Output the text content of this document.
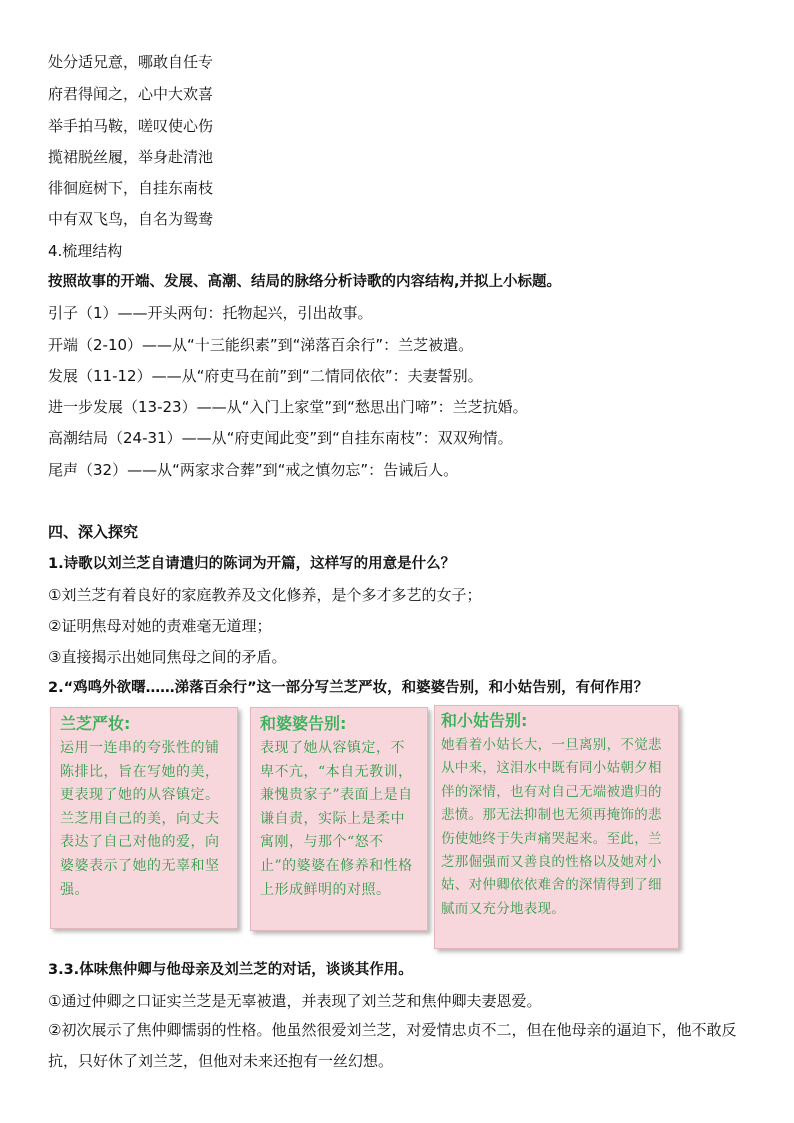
处分适兄意，哪敢自任专
府君得闻之，心中大欢喜
举手拍马鞍，嗟叹使心伤
揽裙脱丝履，举身赴清池
徘徊庭树下，自挂东南枝
中有双飞鸟，自名为鸳鸯
4.梳理结构
按照故事的开端、发展、高潮、结局的脉络分析诗歌的内容结构,并拟上小标题。
引子（1）——开头两句：托物起兴，引出故事。
开端（2-10）——从“十三能织素”到“涕落百余行”：兰芝被遣。
发展（11-12）——从“府吏马在前”到“二情同依依”：夫妻誓别。
进一步发展（13-23）——从“入门上家堂”到“愁思出门啼”：兰芝抗婚。
高潮结局（24-31）——从“府吏闻此变”到“自挂东南枝”：双双殉情。
尾声（32）——从“两家求合葬”到“戒之慎勿忘”：告诫后人。
四、深入探究
1.诗歌以刘兰芝自请遣归的陈词为开篇，这样写的用意是什么？
①刘兰芝有着良好的家庭教养及文化修养，是个多才多艺的女子；
②证明焦母对她的责难毫无道理；
③直接揭示出她同焦母之间的矛盾。
2.“鸡鸣外欲曙……涕落百余行”这一部分写兰芝严妆，和婆婆告别，和小姑告别，有何作用？
兰芝严妆:
运用一连串的夸张性的铺陈排比，旨在写她的美，更表现了她的从容镇定。兰芝用自己的美，向丈夫表达了自己对他的爱，向婆婆表示了她的无辜和坚强。
和婆婆告别:
表现了她从容镇定，不卑不亢，“本自无教训，兼愧贵家子”表面上是自谦自责，实际上是柔中寓刚，与那个“怒不止”的婆婆在修养和性格上形成鲜明的对照。
和小姑告别:
她看着小姑长大，一旦离别，不觉悲从中来，这泪水中既有同小姑朝夕相伴的深情，也有对自己无端被遣归的悲愤。那无法抑制也无须再掩饰的悲伤使她终于失声痛哭起来。至此，兰芝那倔强而又善良的性格以及她对小姑、对仲卿依依难舍的深情得到了细腻而又充分地表现。
3.3.体味焦仲卿与他母亲及刘兰芝的对话，谈谈其作用。
①通过仲卿之口证实兰芝是无辜被遣，并表现了刘兰芝和焦仲卿夫妻恩爱。
②初次展示了焦仲卿懦弱的性格。他虽然很爱刘兰芝，对爱情忠贞不二，但在他母亲的逼迫下，他不敢反抗，只好休了刘兰芝，但他对未来还抱有一丝幻想。
